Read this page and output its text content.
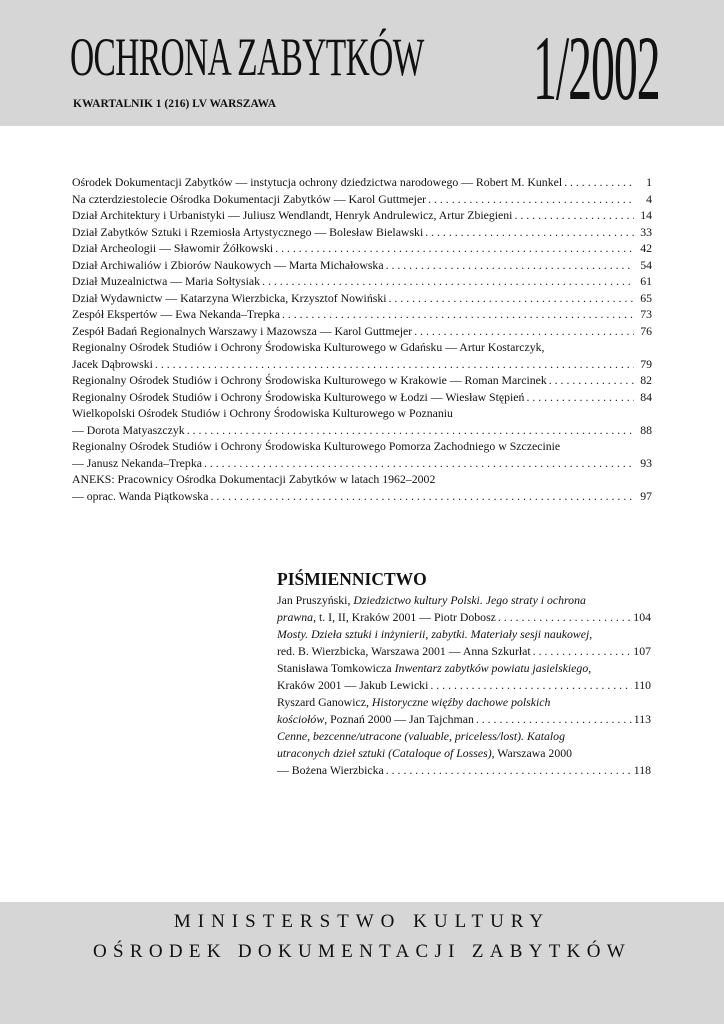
OCHRONA ZABYTKÓW 1/2002
KWARTALNIK 1 (216) LV WARSZAWA
Ośrodek Dokumentacji Zabytków — instytucja ochrony dziedzictwa narodowego — Robert M. Kunkel . . .	1
Na czterdziestolecie Ośrodka Dokumentacji Zabytków — Karol Guttmejer . . .	4
Dział Architektury i Urbanistyki — Juliusz Wendlandt, Henryk Andrulewicz, Artur Zbiegieni . . .	14
Dział Zabytków Sztuki i Rzemiosła Artystycznego — Bolesław Bielawski . . .	33
Dział Archeologii — Sławomir Żółkowski . . .	42
Dział Archiwaliów i Zbiorów Naukowych — Marta Michałowska . . .	54
Dział Muzealnictwa — Maria Sołtysiak . . .	61
Dział Wydawnictw — Katarzyna Wierzbicka, Krzysztof Nowiński . . .	65
Zespół Ekspertów — Ewa Nekanda–Trepka . . .	73
Zespół Badań Regionalnych Warszawy i Mazowsza — Karol Guttmejer . . .	76
Regionalny Ośrodek Studiów i Ochrony Środowiska Kulturowego w Gdańsku — Artur Kostarczyk,
Jacek Dąbrowski . . .	79
Regionalny Ośrodek Studiów i Ochrony Środowiska Kulturowego w Krakowie — Roman Marcinek . . .	82
Regionalny Ośrodek Studiów i Ochrony Środowiska Kulturowego w Łodzi — Wiesław Stępień . . .	84
Wielkopolski Ośrodek Studiów i Ochrony Środowiska Kulturowego w Poznaniu
— Dorota Matyaszczyk . . .	88
Regionalny Ośrodek Studiów i Ochrony Środowiska Kulturowego Pomorza Zachodniego w Szczecinie
— Janusz Nekanda–Trepka . . .	93
ANEKS: Pracownicy Ośrodka Dokumentacji Zabytków w latach 1962–2002
— oprac. Wanda Piątkowska . . .	97
PIŚMIENNICTWO
Jan Pruszyński, Dziedzictwo kultury Polski. Jego straty i ochrona
prawna, t. I, II, Kraków 2001 — Piotr Dobosz . . .	104
Mosty. Dzieła sztuki i inżynierii, zabytki. Materiały sesji naukowej,
red. B. Wierzbicka, Warszawa 2001 — Anna Szkurłat . . .	107
Stanisława Tomkowicza Inwentarz zabytków powiatu jasielskiego,
Kraków 2001 — Jakub Lewicki . . .	110
Ryszard Ganowicz, Historyczne więźby dachowe polskich
kościołów, Poznań 2000 — Jan Tajchman . . .	113
Cenne, bezcenne/utracone (valuable, priceless/lost). Katalog
utraconych dzieł sztuki (Cataloque of Losses), Warszawa 2000
— Bożena Wierzbicka . . .	118
MINISTERSTWO KULTURY
OŚRODEK DOKUMENTACJI ZABYTKÓW
